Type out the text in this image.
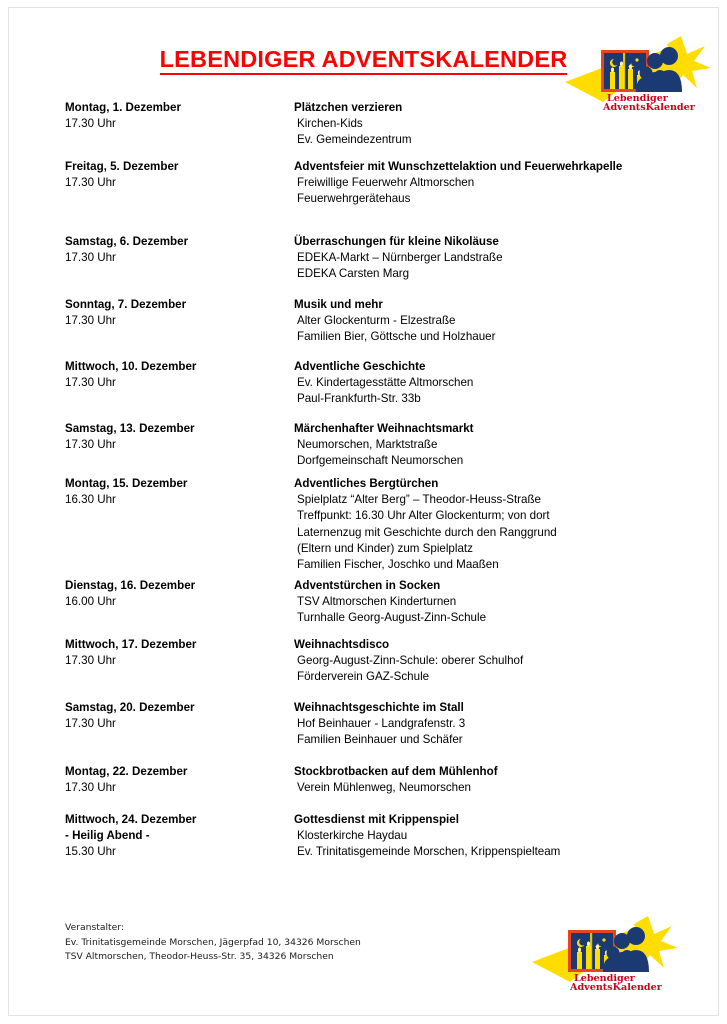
LEBENDIGER ADVENTSKALENDER
Lebendiger
AdventsKalender
Montag, 1. Dezember
17.30 Uhr
Plätzchen verzieren
Kirchen-Kids
Ev. Gemeindezentrum
Freitag, 5. Dezember
17.30 Uhr
Adventsfeier mit Wunschzettelaktion und Feuerwehrkapelle
Freiwillige Feuerwehr Altmorschen
Feuerwehrgerätehaus
Samstag, 6. Dezember
17.30 Uhr
Überraschungen für kleine Nikoläuse
EDEKA-Markt – Nürnberger Landstraße
EDEKA Carsten Marg
Sonntag, 7. Dezember
17.30 Uhr
Musik und mehr
Alter Glockenturm - Elzestraße
Familien Bier, Göttsche und Holzhauer
Mittwoch, 10. Dezember
17.30 Uhr
Adventliche Geschichte
Ev. Kindertagesstätte Altmorschen
Paul-Frankfurth-Str. 33b
Samstag, 13. Dezember
17.30 Uhr
Märchenhafter Weihnachtsmarkt
Neumorschen, Marktstraße
Dorfgemeinschaft Neumorschen
Montag, 15. Dezember
16.30 Uhr
Adventliches Bergtürchen
Spielplatz “Alter Berg” – Theodor-Heuss-Straße
Treffpunkt: 16.30 Uhr Alter Glockenturm; von dort
Laternenzug mit Geschichte durch den Ranggrund
(Eltern und Kinder) zum Spielplatz
Familien Fischer, Joschko und Maaßen
Dienstag, 16. Dezember
16.00 Uhr
Adventstürchen in Socken
TSV Altmorschen Kinderturnen
Turnhalle Georg-August-Zinn-Schule
Mittwoch, 17. Dezember
17.30 Uhr
Weihnachtsdisco
Georg-August-Zinn-Schule: oberer Schulhof
Förderverein GAZ-Schule
Samstag, 20. Dezember
17.30 Uhr
Weihnachtsgeschichte im Stall
Hof Beinhauer - Landgrafenstr. 3
Familien Beinhauer und Schäfer
Montag, 22. Dezember
17.30 Uhr
Stockbrotbacken auf dem Mühlenhof
Verein Mühlenweg, Neumorschen
Mittwoch, 24. Dezember
- Heilig Abend -
15.30 Uhr
Gottesdienst mit Krippenspiel
Klosterkirche Haydau
Ev. Trinitatisgemeinde Morschen, Krippenspielteam
Veranstalter:
Ev. Trinitatisgemeinde Morschen, Jägerpfad 10, 34326 Morschen
TSV Altmorschen, Theodor-Heuss-Str. 35, 34326 Morschen
Lebendiger
AdventsKalender
